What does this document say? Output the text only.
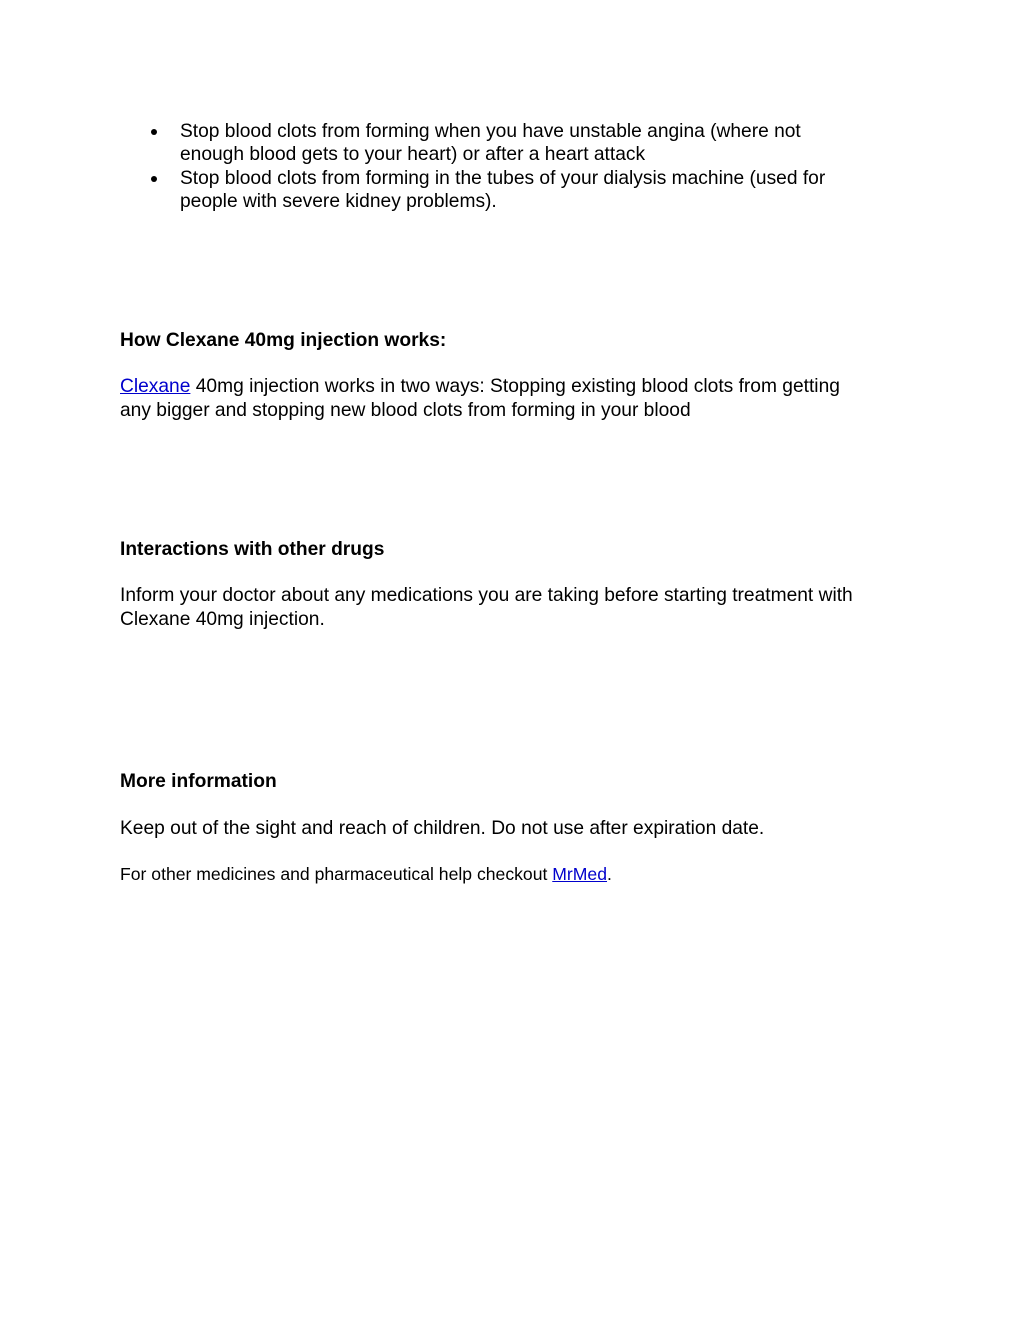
Stop blood clots from forming when you have unstable angina (where not

enough blood gets to your heart) or after a heart attack

Stop blood clots from forming in the tubes of your dialysis machine (used for

people with severe kidney problems).

How Clexane 40mg injection works:

Clexane 40mg injection works in two ways: Stopping existing blood clots from getting

any bigger and stopping new blood clots from forming in your blood

Interactions with other drugs

Inform your doctor about any medications you are taking before starting treatment with

Clexane 40mg injection.

More information

Keep out of the sight and reach of children. Do not use after expiration date.

For other medicines and pharmaceutical help checkout MrMed.
